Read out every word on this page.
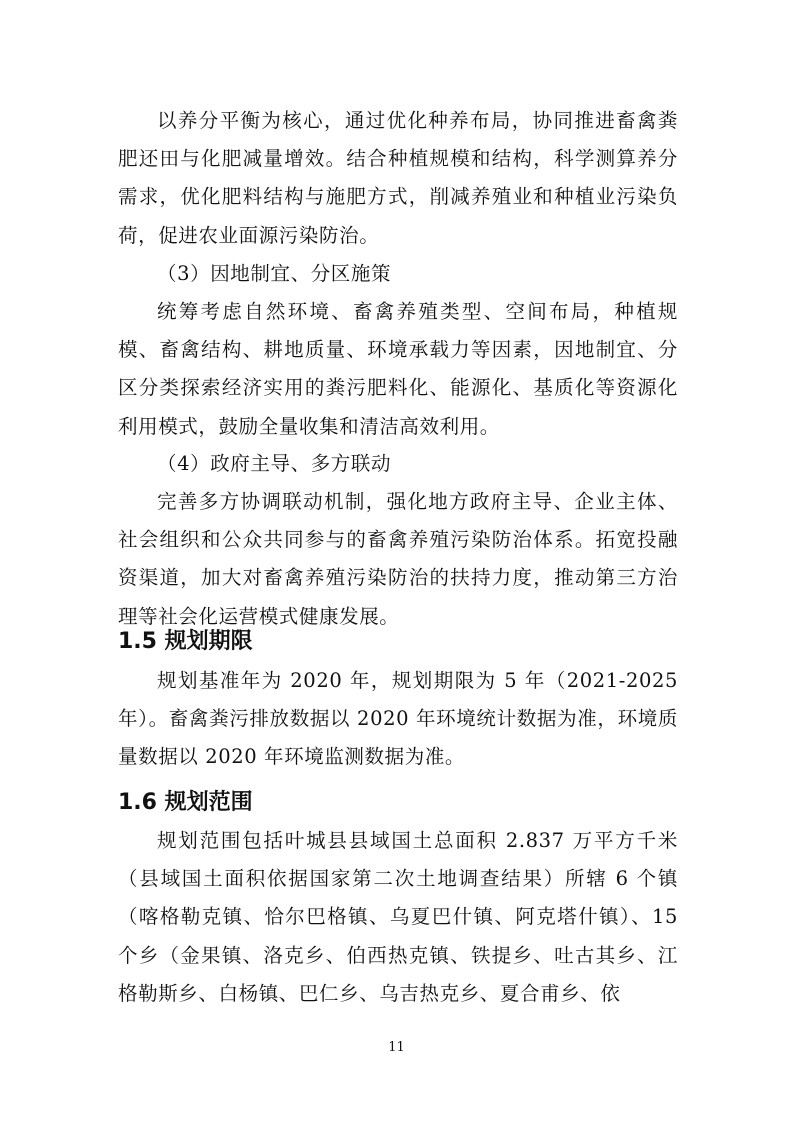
以养分平衡为核心，通过优化种养布局，协同推进畜禽粪肥还田与化肥减量增效。结合种植规模和结构，科学测算养分需求，优化肥料结构与施肥方式，削减养殖业和种植业污染负荷，促进农业面源污染防治。

（3）因地制宜、分区施策

统筹考虑自然环境、畜禽养殖类型、空间布局，种植规模、畜禽结构、耕地质量、环境承载力等因素，因地制宜、分区分类探索经济实用的粪污肥料化、能源化、基质化等资源化利用模式，鼓励全量收集和清洁高效利用。

（4）政府主导、多方联动

完善多方协调联动机制，强化地方政府主导、企业主体、社会组织和公众共同参与的畜禽养殖污染防治体系。拓宽投融资渠道，加大对畜禽养殖污染防治的扶持力度，推动第三方治理等社会化运营模式健康发展。

1.5 规划期限

规划基准年为 2020 年，规划期限为 5 年（2021-2025 年）。畜禽粪污排放数据以 2020 年环境统计数据为准，环境质量数据以 2020 年环境监测数据为准。

1.6 规划范围

规划范围包括叶城县县域国土总面积 2.837 万平方千米（县域国土面积依据国家第二次土地调查结果）所辖 6 个镇（喀格勒克镇、恰尔巴格镇、乌夏巴什镇、阿克塔什镇）、15 个乡（金果镇、洛克乡、伯西热克镇、铁提乡、吐古其乡、江格勒斯乡、白杨镇、巴仁乡、乌吉热克乡、夏合甫乡、依

11
